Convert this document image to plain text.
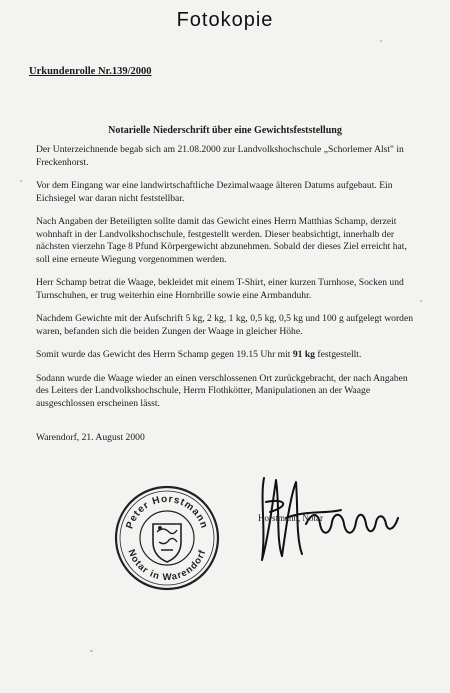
Fotokopie
Urkundenrolle Nr.139/2000
Notarielle Niederschrift über eine Gewichtsfeststellung

Der Unterzeichnende begab sich am 21.08.2000 zur Landvolkshochschule „Schorlemer Alst" in Freckenhorst.

Vor dem Eingang war eine landwirtschaftliche Dezimalwaage älteren Datums aufgebaut. Ein Eichsiegel war daran nicht feststellbar.

Nach Angaben der Beteiligten sollte damit das Gewicht eines Herrn Matthias Schamp, derzeit wohnhaft in der Landvolkshochschule, festgestellt werden. Dieser beabsichtigt, innerhalb der nächsten vierzehn Tage 8 Pfund Körpergewicht abzunehmen. Sobald der dieses Ziel erreicht hat, soll eine erneute Wiegung vorgenommen werden.

Herr Schamp betrat die Waage, bekleidet mit einem T-Shirt, einer kurzen Turnhose, Socken und Turnschuhen, er trug weiterhin eine Hornbrille sowie eine Armbanduhr.

Nachdem Gewichte mit der Aufschrift 5 kg, 2 kg, 1 kg, 0,5 kg, 0,5 kg und 100 g aufgelegt worden waren, befanden sich die beiden Zungen der Waage in gleicher Höhe.

Somit wurde das Gewicht des Herrn Schamp gegen 19.15 Uhr mit 91 kg festgestellt.

Sodann wurde die Waage wieder an einen verschlossenen Ort zurückgebracht, der nach Angaben des Leiters der Landvolkshochschule, Herrn Flothkötter, Manipulationen an der Waage ausgeschlossen erscheinen lässt.

Warendorf, 21. August 2000
Peter Horstmann
Notar in Warendorf
Horstmann, Notar
